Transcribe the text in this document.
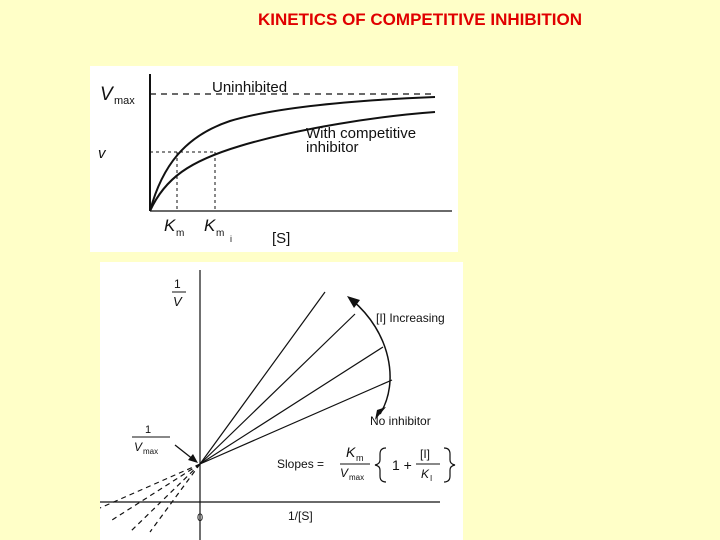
KINETICS OF COMPETITIVE INHIBITION
V max
v
Uninhibited
With competitive
inhibitor
K m K m i	[S]
1
V
1
V max
[I] Increasing
No inhibitor
0	1/[S]
Slopes =
K m
V max
1 +
[I]
K I
